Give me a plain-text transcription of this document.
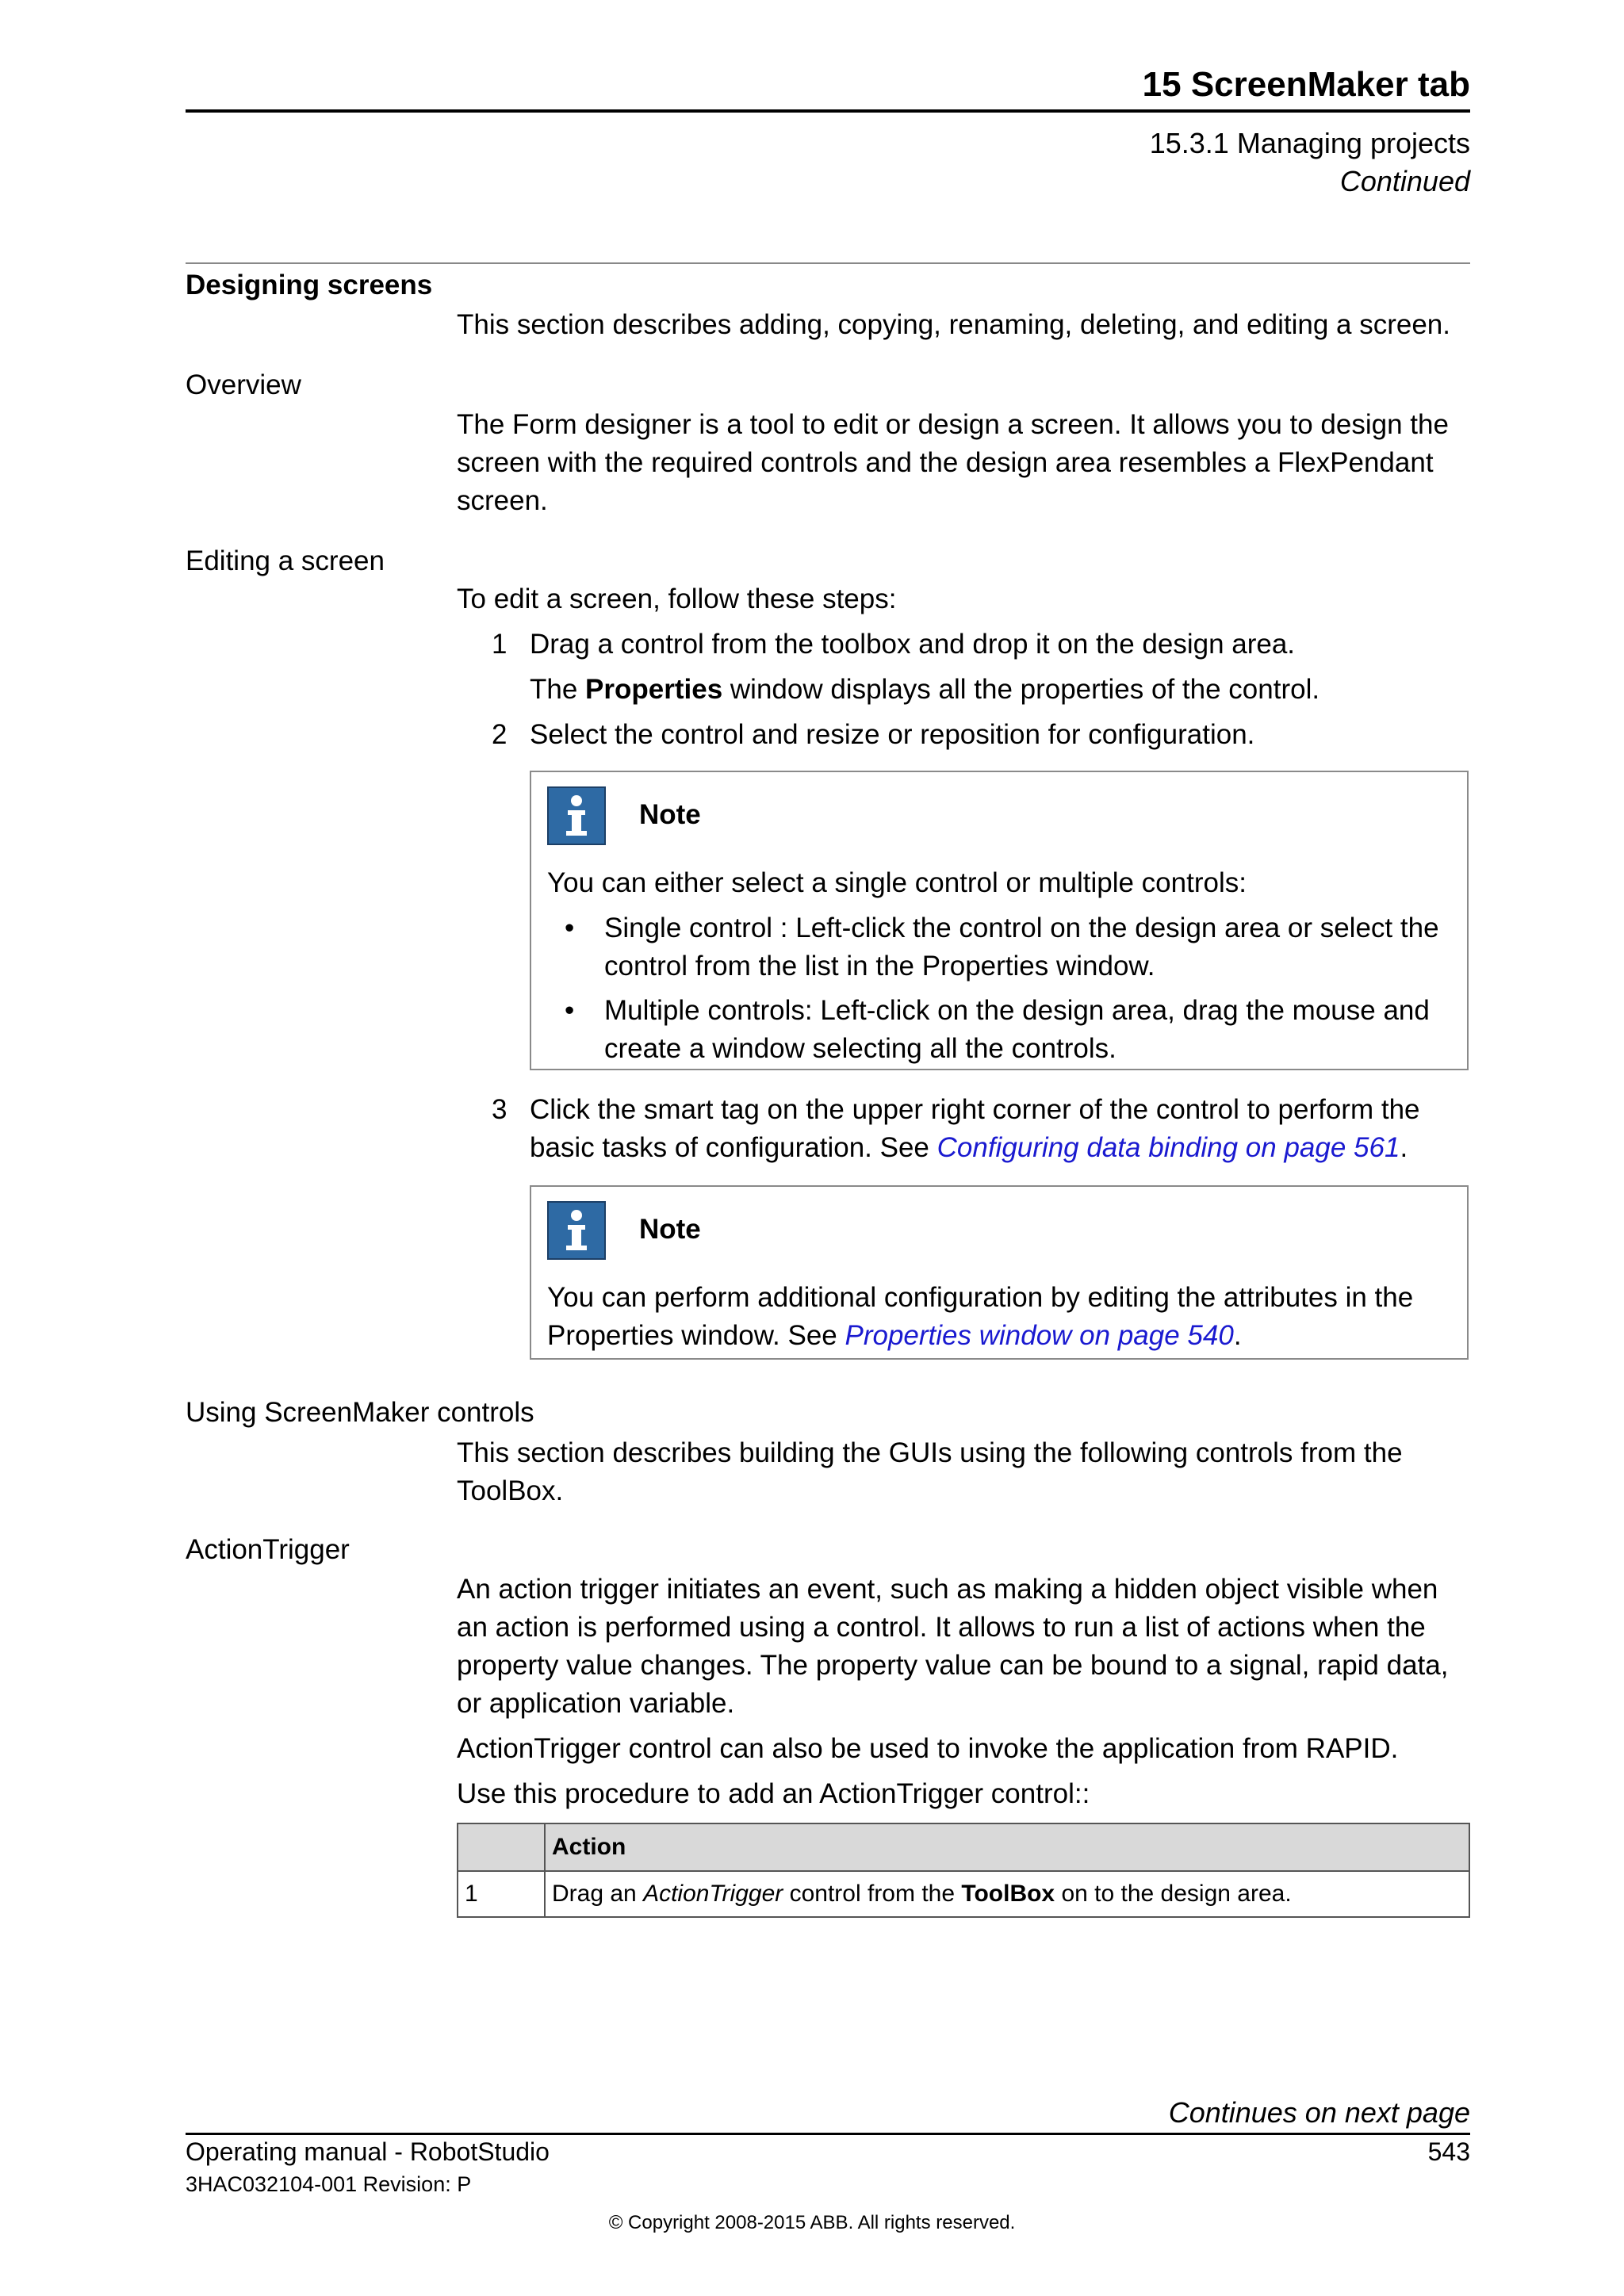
15 ScreenMaker tab
15.3.1 Managing projects
Continued
Designing screens
This section describes adding, copying, renaming, deleting, and editing a screen.
Overview
The Form designer is a tool to edit or design a screen. It allows you to design the screen with the required controls and the design area resembles a FlexPendant screen.
Editing a screen
To edit a screen, follow these steps:
1 Drag a control from the toolbox and drop it on the design area.
The Properties window displays all the properties of the control.
2 Select the control and resize or reposition for configuration.
Note
You can either select a single control or multiple controls:
• Single control : Left-click the control on the design area or select the control from the list in the Properties window.
• Multiple controls: Left-click on the design area, drag the mouse and create a window selecting all the controls.
3 Click the smart tag on the upper right corner of the control to perform the basic tasks of configuration. See Configuring data binding on page 561.
Note
You can perform additional configuration by editing the attributes in the Properties window. See Properties window on page 540.
Using ScreenMaker controls
This section describes building the GUIs using the following controls from the ToolBox.
ActionTrigger
An action trigger initiates an event, such as making a hidden object visible when an action is performed using a control. It allows to run a list of actions when the property value changes. The property value can be bound to a signal, rapid data, or application variable.
ActionTrigger control can also be used to invoke the application from RAPID.
Use this procedure to add an ActionTrigger control::
	Action
1	Drag an ActionTrigger control from the ToolBox on to the design area.
Continues on next page
Operating manual - RobotStudio	543
3HAC032104-001 Revision: P
© Copyright 2008-2015 ABB. All rights reserved.
